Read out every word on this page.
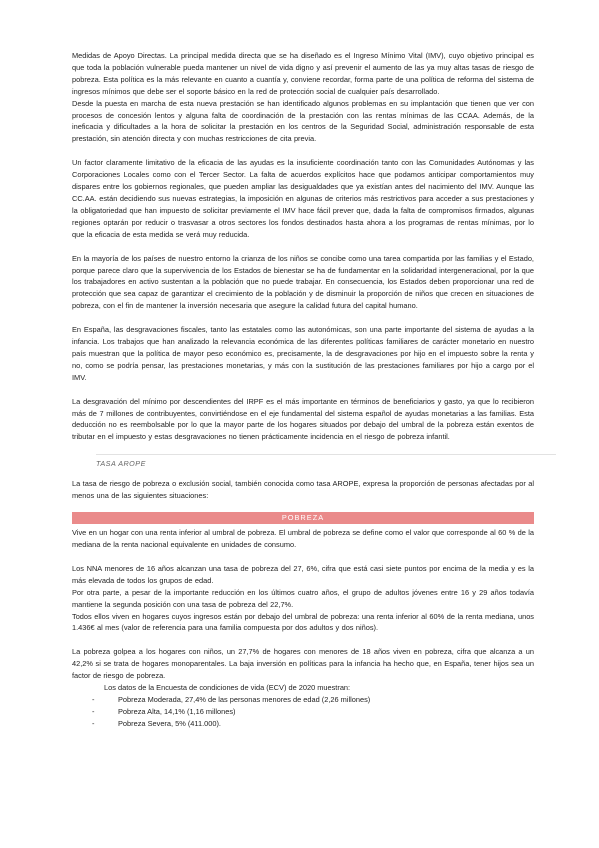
Medidas de Apoyo Directas. La principal medida directa que se ha diseñado es el Ingreso Mínimo Vital (IMV), cuyo objetivo principal es que toda la población vulnerable pueda mantener un nivel de vida digno y así prevenir el aumento de las ya muy altas tasas de riesgo de pobreza. Esta política es la más relevante en cuanto a cuantía y, conviene recordar, forma parte de una política de reforma del sistema de ingresos mínimos que debe ser el soporte básico en la red de protección social de cualquier país desarrollado.

Desde la puesta en marcha de esta nueva prestación se han identificado algunos problemas en su implantación que tienen que ver con procesos de concesión lentos y alguna falta de coordinación de la prestación con las rentas mínimas de las CCAA. Además, de la ineficacia y dificultades a la hora de solicitar la prestación en los centros de la Seguridad Social, administración responsable de esta prestación, sin atención directa y con muchas restricciones de cita previa.

Un factor claramente limitativo de la eficacia de las ayudas es la insuficiente coordinación tanto con las Comunidades Autónomas y las Corporaciones Locales como con el Tercer Sector. La falta de acuerdos explícitos hace que podamos anticipar comportamientos muy dispares entre los gobiernos regionales, que pueden ampliar las desigualdades que ya existían antes del nacimiento del IMV. Aunque las CC.AA. están decidiendo sus nuevas estrategias, la imposición en algunas de criterios más restrictivos para acceder a sus prestaciones y la obligatoriedad que han impuesto de solicitar previamente el IMV hace fácil prever que, dada la falta de compromisos firmados, algunas regiones optarán por reducir o trasvasar a otros sectores los fondos destinados hasta ahora a los programas de rentas mínimas, por lo que la eficacia de esta medida se verá muy reducida.

En la mayoría de los países de nuestro entorno la crianza de los niños se concibe como una tarea compartida por las familias y el Estado, porque parece claro que la supervivencia de los Estados de bienestar se ha de fundamentar en la solidaridad intergeneracional, por la que los trabajadores en activo sustentan a la población que no puede trabajar. En consecuencia, los Estados deben proporcionar una red de protección que sea capaz de garantizar el crecimiento de la población y de disminuir la proporción de niños que crecen en situaciones de pobreza, con el fin de mantener la inversión necesaria que asegure la calidad futura del capital humano.

En España, las desgravaciones fiscales, tanto las estatales como las autonómicas, son una parte importante del sistema de ayudas a la infancia. Los trabajos que han analizado la relevancia económica de las diferentes políticas familiares de carácter monetario en nuestro país muestran que la política de mayor peso económico es, precisamente, la de desgravaciones por hijo en el impuesto sobre la renta y no, como se podría pensar, las prestaciones monetarias, y más con la sustitución de las prestaciones familiares por hijo a cargo por el IMV.

La desgravación del mínimo por descendientes del IRPF es el más importante en términos de beneficiarios y gasto, ya que lo recibieron más de 7 millones de contribuyentes, convirtiéndose en el eje fundamental del sistema español de ayudas monetarias a las familias. Esta deducción no es reembolsable por lo que la mayor parte de los hogares situados por debajo del umbral de la pobreza están exentos de tributar en el impuesto y estas desgravaciones no tienen prácticamente incidencia en el riesgo de pobreza infantil.

TASA AROPE

La tasa de riesgo de pobreza o exclusión social, también conocida como tasa AROPE, expresa la proporción de personas afectadas por al menos una de las siguientes situaciones:

POBREZA

Vive en un hogar con una renta inferior al umbral de pobreza. El umbral de pobreza se define como el valor que corresponde al 60 % de la mediana de la renta nacional equivalente en unidades de consumo.

Los NNA menores de 16 años alcanzan una tasa de pobreza del 27, 6%, cifra que está casi siete puntos por encima de la media y es la más elevada de todos los grupos de edad.

Por otra parte, a pesar de la importante reducción en los últimos cuatro años, el grupo de adultos jóvenes entre 16 y 29 años todavía mantiene la segunda posición con una tasa de pobreza del 22,7%.

Todos ellos viven en hogares cuyos ingresos están por debajo del umbral de pobreza: una renta inferior al 60% de la renta mediana, unos 1.436€ al mes (valor de referencia para una familia compuesta por dos adultos y dos niños).

La pobreza golpea a los hogares con niños, un 27,7% de hogares con menores de 18 años viven en pobreza, cifra que alcanza a un 42,2% si se trata de hogares monoparentales. La baja inversión en políticas para la infancia ha hecho que, en España, tener hijos sea un factor de riesgo de pobreza.

Los datos de la Encuesta de condiciones de vida (ECV) de 2020 muestran:
-	Pobreza Moderada, 27,4% de las personas menores de edad (2,26 millones)
-	Pobreza Alta, 14,1% (1,16 millones)
-	Pobreza Severa, 5% (411.000).
